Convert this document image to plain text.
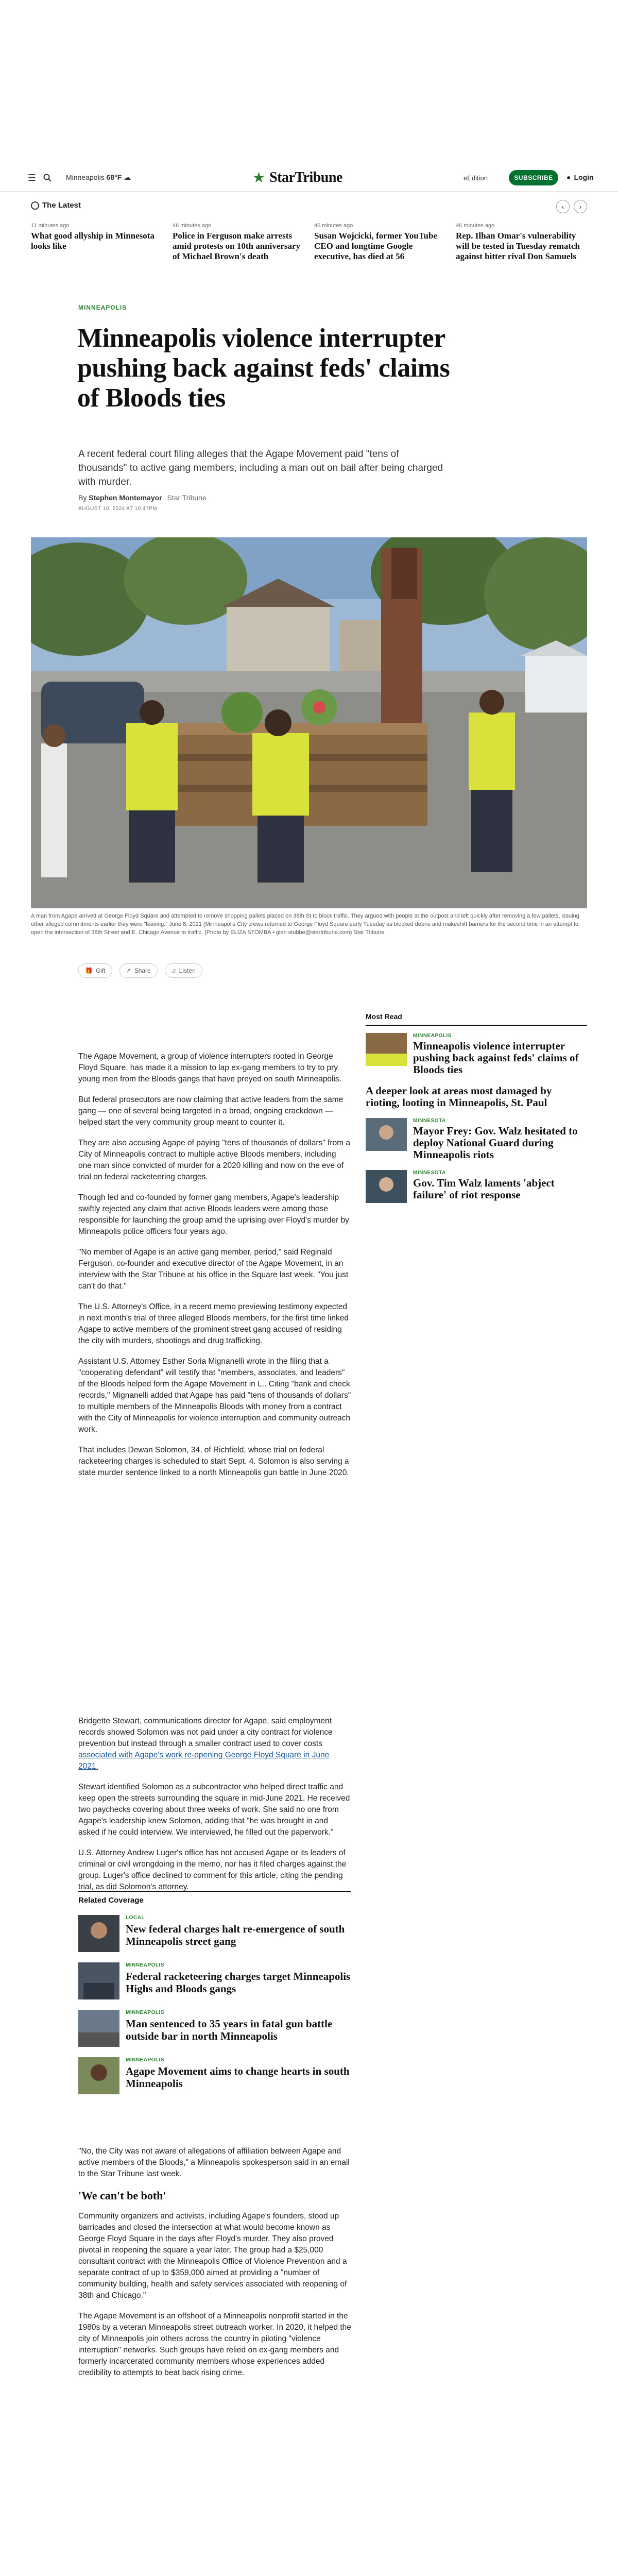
☰	Minneapolis 68°F ☁	★ StarTribune	eEdition	SUBSCRIBE	● Login
The Latest	‹	›
11 minutes ago
What good allyship in Minnesota looks like
46 minutes ago
Police in Ferguson make arrests amid protests on 10th anniversary of Michael Brown's death
46 minutes ago
Susan Wojcicki, former YouTube CEO and longtime Google executive, has died at 56
46 minutes ago
Rep. Ilhan Omar's vulnerability will be tested in Tuesday rematch against bitter rival Don Samuels
MINNEAPOLIS
Minneapolis violence interrupter pushing back against feds' claims of Bloods ties

A recent federal court filing alleges that the Agape Movement paid "tens of thousands" to active gang members, including a man out on bail after being charged with murder.

By Stephen Montemayor Star Tribune
AUGUST 10, 2024 AT 10:47PM

A man from Agape arrived at George Floyd Square and attempted to remove shopping pallets placed on 38th St to block traffic. They argued with people at the outpost and left quickly after removing a few pallets, issuing other alleged commitments earlier they were "leaving." June 8, 2021 (Minneapolis City crews returned to George Floyd Square early Tuesday as blocked debris and makeshift barriers for the second time in an attempt to open the intersection of 38th Street and E. Chicago Avenue to traffic. (Photo by ELIZA STOMBA • glen stubbe@startribune.com) Star Tribune

🎁 Gift	↗ Share	♫ Listen

The Agape Movement, a group of violence interrupters rooted in George Floyd Square, has made it a mission to lap ex-gang members to try to pry young men from the Bloods gangs that have preyed on south Minneapolis.

But federal prosecutors are now claiming that active leaders from the same gang — one of several being targeted in a broad, ongoing crackdown — helped start the very community group meant to counter it.

They are also accusing Agape of paying "tens of thousands of dollars" from a City of Minneapolis contract to multiple active Bloods members, including one man since convicted of murder for a 2020 killing and now on the eve of trial on federal racketeering charges.

Though led and co-founded by former gang members, Agape's leadership swiftly rejected any claim that active Bloods leaders were among those responsible for launching the group amid the uprising over Floyd's murder by Minneapolis police officers four years ago.

"No member of Agape is an active gang member, period," said Reginald Ferguson, co-founder and executive director of the Agape Movement, in an interview with the Star Tribune at his office in the Square last week. "You just can't do that."

The U.S. Attorney's Office, in a recent memo previewing testimony expected in next month's trial of three alleged Bloods members, for the first time linked Agape to active members of the prominent street gang accused of residing the city with murders, shootings and drug trafficking.

Assistant U.S. Attorney Esther Soria Mignanelli wrote in the filing that a "cooperating defendant" will testify that "members, associates, and leaders" of the Bloods helped form the Agape Movement in L.. Citing "bank and check records," Mignanelli added that Agape has paid "tens of thousands of dollars" to multiple members of the Minneapolis Bloods with money from a contract with the City of Minneapolis for violence interruption and community outreach work.

That includes Dewan Solomon, 34, of Richfield, whose trial on federal racketeering charges is scheduled to start Sept. 4. Solomon is also serving a state murder sentence linked to a north Minneapolis gun battle in June 2020.

Most Read
MINNEAPOLIS
Minneapolis violence interrupter pushing back against feds' claims of Bloods ties
A deeper look at areas most damaged by rioting, looting in Minneapolis, St. Paul
MINNESOTA
Mayor Frey: Gov. Walz hesitated to deploy National Guard during Minneapolis riots
MINNESOTA
Gov. Tim Walz laments 'abject failure' of riot response

Bridgette Stewart, communications director for Agape, said employment records showed Solomon was not paid under a city contract for violence prevention but instead through a smaller contract used to cover costs associated with Agape's work re-opening George Floyd Square in June 2021.

Stewart identified Solomon as a subcontractor who helped direct traffic and keep open the streets surrounding the square in mid-June 2021. He received two paychecks covering about three weeks of work. She said no one from Agape's leadership knew Solomon, adding that "he was brought in and asked if he could interview. We interviewed, he filled out the paperwork."

U.S. Attorney Andrew Luger's office has not accused Agape or its leaders of criminal or civil wrongdoing in the memo, nor has it filed charges against the group. Luger's office declined to comment for this article, citing the pending trial, as did Solomon's attorney.

Related Coverage
LOCAL
New federal charges halt re-emergence of south Minneapolis street gang
MINNEAPOLIS
Federal racketeering charges target Minneapolis Highs and Bloods gangs
MINNEAPOLIS
Man sentenced to 35 years in fatal gun battle outside bar in north Minneapolis
MINNEAPOLIS
Agape Movement aims to change hearts in south Minneapolis

"No, the City was not aware of allegations of affiliation between Agape and active members of the Bloods," a Minneapolis spokesperson said in an email to the Star Tribune last week.

'We can't be both'

Community organizers and activists, including Agape's founders, stood up barricades and closed the intersection at what would become known as George Floyd Square in the days after Floyd's murder. They also proved pivotal in reopening the square a year later. The group had a $25,000 consultant contract with the Minneapolis Office of Violence Prevention and a separate contract of up to $359,000 aimed at providing a "number of community building, health and safety services associated with reopening of 38th and Chicago."

The Agape Movement is an offshoot of a Minneapolis nonprofit started in the 1980s by a veteran Minneapolis street outreach worker. In 2020, it helped the city of Minneapolis join others across the country in piloting "violence interruption" networks. Such groups have relied on ex-gang members and formerly incarcerated community members whose experiences added credibility to attempts to beat back rising crime.
